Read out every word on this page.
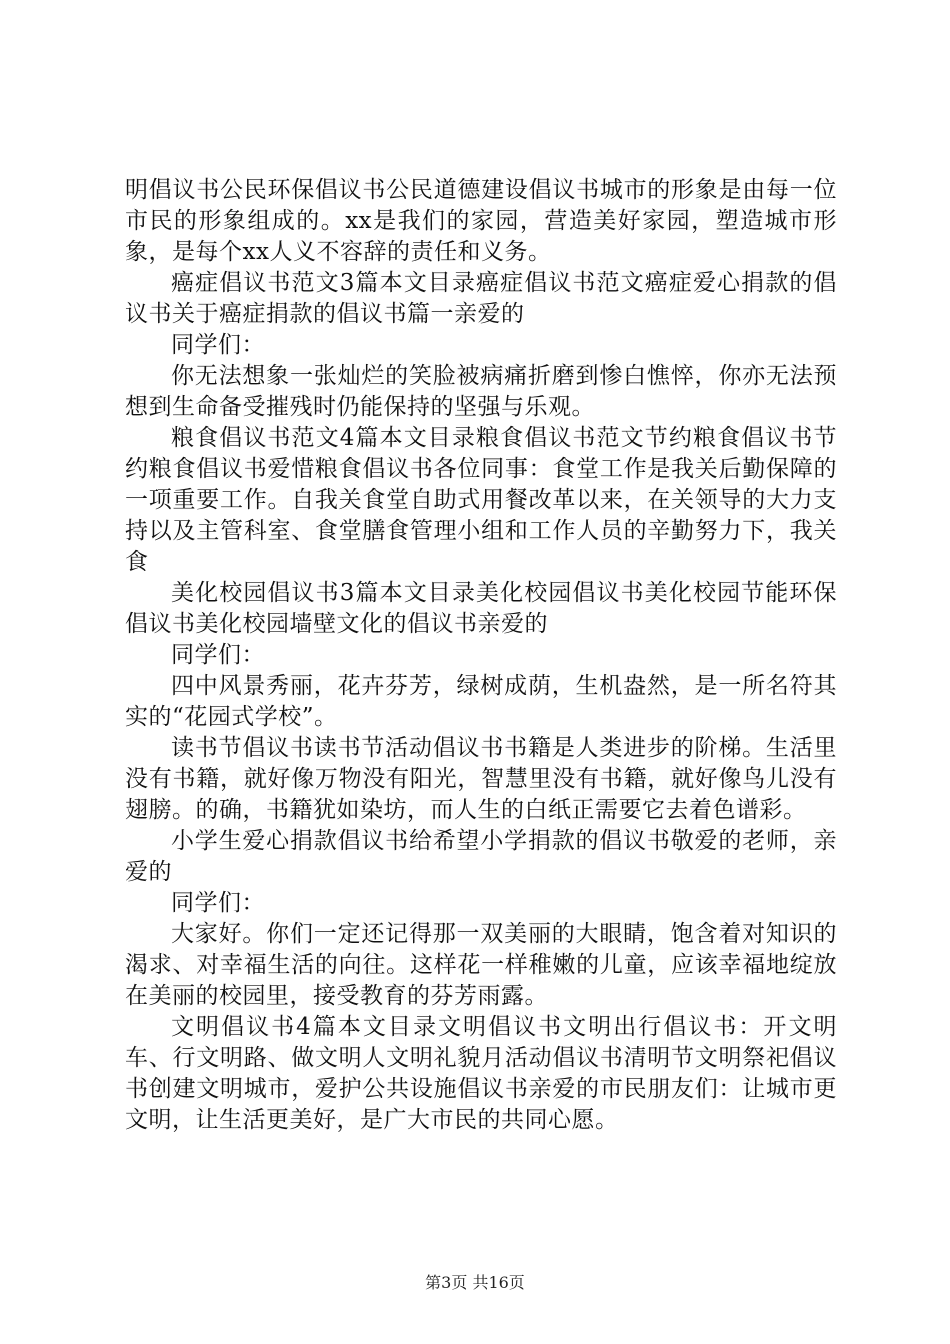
明倡议书公民环保倡议书公民道德建设倡议书城市的形象是由每一位市民的形象组成的。xx是我们的家园，营造美好家园，塑造城市形象，是每个xx人义不容辞的责任和义务。

癌症倡议书范文3篇本文目录癌症倡议书范文癌症爱心捐款的倡议书关于癌症捐款的倡议书篇一亲爱的

同学们：

你无法想象一张灿烂的笑脸被病痛折磨到惨白憔悴，你亦无法预想到生命备受摧残时仍能保持的坚强与乐观。

粮食倡议书范文4篇本文目录粮食倡议书范文节约粮食倡议书节约粮食倡议书爱惜粮食倡议书各位同事：食堂工作是我关后勤保障的一项重要工作。自我关食堂自助式用餐改革以来，在关领导的大力支持以及主管科室、食堂膳食管理小组和工作人员的辛勤努力下，我关食

美化校园倡议书3篇本文目录美化校园倡议书美化校园节能环保倡议书美化校园墙壁文化的倡议书亲爱的

同学们：

四中风景秀丽，花卉芬芳，绿树成荫，生机盎然，是一所名符其实的“花园式学校”。

读书节倡议书读书节活动倡议书书籍是人类进步的阶梯。生活里没有书籍，就好像万物没有阳光，智慧里没有书籍，就好像鸟儿没有翅膀。的确，书籍犹如染坊，而人生的白纸正需要它去着色谱彩。

小学生爱心捐款倡议书给希望小学捐款的倡议书敬爱的老师，亲爱的

同学们：

大家好。你们一定还记得那一双美丽的大眼睛，饱含着对知识的渴求、对幸福生活的向往。这样花一样稚嫩的儿童，应该幸福地绽放在美丽的校园里，接受教育的芬芳雨露。

文明倡议书4篇本文目录文明倡议书文明出行倡议书：开文明车、行文明路、做文明人文明礼貌月活动倡议书清明节文明祭祀倡议书创建文明城市，爱护公共设施倡议书亲爱的市民朋友们：让城市更文明，让生活更美好，是广大市民的共同心愿。

第3页 共16页
